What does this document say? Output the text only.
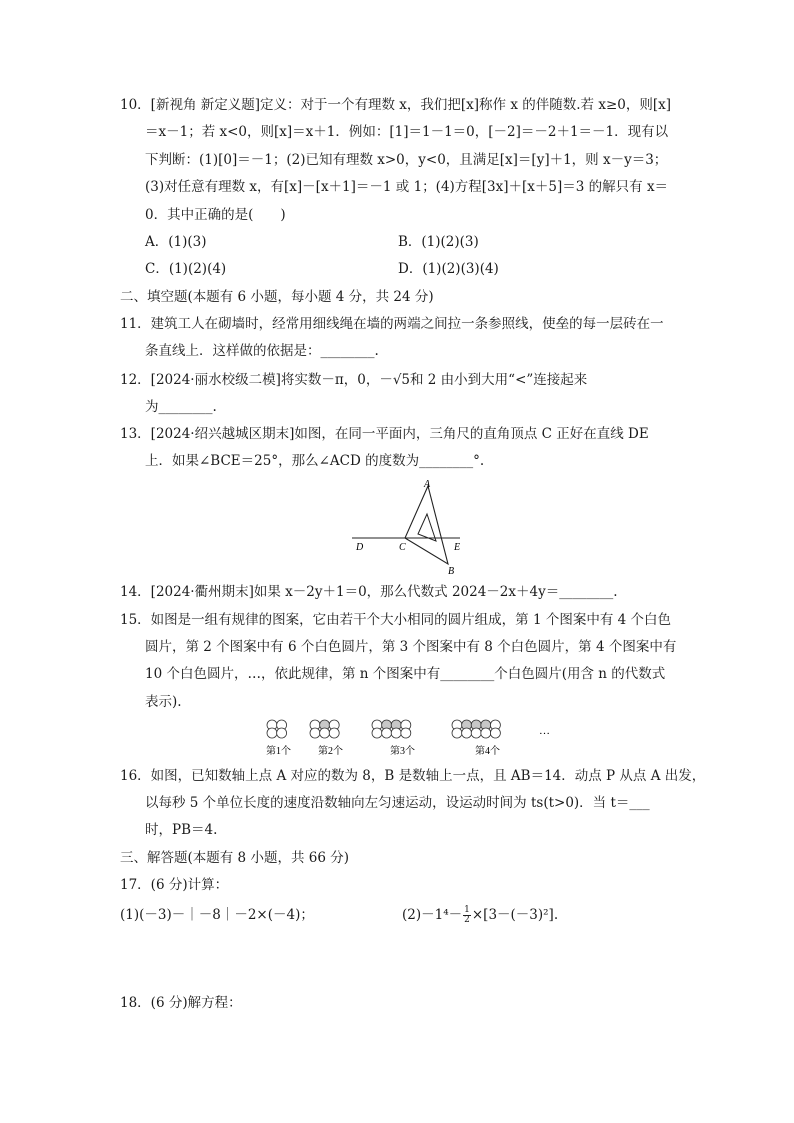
10．[新视角 新定义题]定义：对于一个有理数 x，我们把[x]称作 x 的伴随数.若 x≥0，则[x]
＝x－1；若 x<0，则[x]＝x＋1．例如：[1]＝1－1＝0，[－2]＝－2＋1＝－1．现有以
下判断：(1)[0]＝－1；(2)已知有理数 x>0，y<0，且满足[x]＝[y]＋1，则 x－y＝3；
(3)对任意有理数 x，有[x]－[x＋1]＝－1 或 1；(4)方程[3x]＋[x＋5]＝3 的解只有 x＝
0．其中正确的是(　　)
A．(1)(3)	B．(1)(2)(3)
C．(1)(2)(4)	D．(1)(2)(3)(4)
二、填空题(本题有 6 小题，每小题 4 分，共 24 分)
11．建筑工人在砌墙时，经常用细线绳在墙的两端之间拉一条参照线，使垒的每一层砖在一
条直线上．这样做的依据是：________.
12．[2024·丽水校级二模]将实数－π，0，－√5和 2 由小到大用“<”连接起来
为________.
13．[2024·绍兴越城区期末]如图，在同一平面内，三角尺的直角顶点 C 正好在直线 DE
上．如果∠BCE＝25°，那么∠ACD 的度数为________°.
A
B
C
D	E
14．[2024·衢州期末]如果 x－2y＋1＝0，那么代数式 2024－2x＋4y＝________.
15．如图是一组有规律的图案，它由若干个大小相同的圆片组成，第 1 个图案中有 4 个白色
圆片，第 2 个图案中有 6 个白色圆片，第 3 个图案中有 8 个白色圆片，第 4 个图案中有
10 个白色圆片，…，依此规律，第 n 个图案中有________个白色圆片(用含 n 的代数式
表示).
第1个	第2个	第3个	第4个
…
16．如图，已知数轴上点 A 对应的数为 8，B 是数轴上一点，且 AB＝14．动点 P 从点 A 出发，
以每秒 5 个单位长度的速度沿数轴向左匀速运动，设运动时间为 ts(t>0)．当 t＝___
时，PB＝4.
三、解答题(本题有 8 小题，共 66 分)
17．(6 分)计算：
(1)(－3)－｜－8｜－2×(－4)；	$(2)-1^4- \frac{1}{2} \times[3-(-3)^2]$.
18．(6 分)解方程：
